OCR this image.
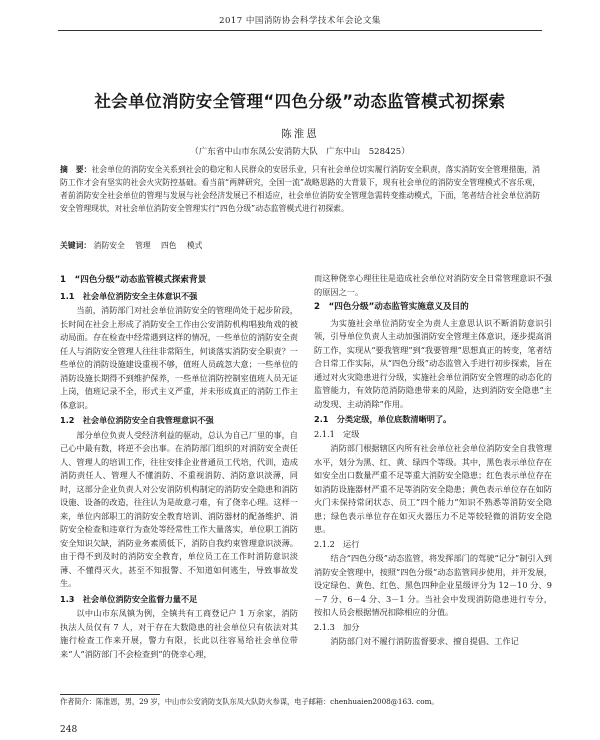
2017 中国消防协会科学技术年会论文集
社会单位消防安全管理“四色分级”动态监管模式初探索
陈淮恩
（广东省中山市东凤公安消防大队　广东中山　528425）
摘　要：社会单位的消防安全关系到社会的稳定和人民群众的安居乐业，只有社会单位切实履行消防安全职责，落实消防安全管理措施，消防工作才会有坚实的社会火灾防控基础。看当前“两牌研究，全国一流”战略思路的大背景下，现有社会单位的消防安全管理模式不容乐观，者前消防安全社会单位的管理与发展与社会经济发展已不相适应，社会单位消防安全管理急需转变推动模式，下面，笔者结合社会单位消防安全管理现状，对社会单位消防安全管理实行“四色分级”动态监管模式进行初探索。
关键词： 消防安全　 管理　 四色　 模式
1　“四色分级”动态监管模式探索背景
1.1　社会单位消防安全主体意识不强

当前，消防部门对社会单位消防安全的管理尚处于起步阶段，长时间在社会上形成了消防安全工作由公安消防机构唱独角戏的被动局面。存在检查中经常遇到这样的情况，一些单位的消防安全责任人与消防安全管理人往往非常陌生，何谈落实消防安全职责？一些单位的消防设施建设重视不够，值班人员疏忽大意；一些单位的消防设施长期得不到维护保养，一些单位消防控制室值班人员无证上岗，值班记录不全，形式主义严重，并未形成真正的消防工作主体意识。

1.2　社会单位消防安全自我管理意识不强

部分单位负责人受经济利益的驱动，总认为自己厂里的事，自己心中最有数，将逆不会出事。在消防部门组织的对消防安全责任人、管理人的培训工作，往往安排企业普通员工代培，代训，造成消防责任人、管理人不懂消防、不重视消防、消防意识淡薄，同时，这部分企业负责人对公安消防机构制定的消防安全隐患和消防设施、设备的改造，往往认为是故意刁难，有了侥幸心理。这样一来，单位内部职工的消防安全教育培训、消防器材的配备维护、消防安全检查和违章行为查处等经常性工作大量落实，单位职工消防安全知识欠缺，消防业务素质低下，消防自我约束管理意识淡薄。由于得不到及时的消防安全教育，单位员工在工作时消防意识淡薄、不懂得灭火，甚至不知报警、不知道如何逃生，导致事故发生。

1.3　社会单位消防安全监督力量不足

以中山市东凤镇为例，全镇共有工商登记户 1 万余家，消防执法人员仅有 7 人，对于存在大数隐患的社会单位只有依法对其施行检查工作来开展，警力有限，长此以往容易给社会单位带来“人”消防部门不会检查到”的侥幸心理，

而这种侥幸心理往往是造成社会单位对消防安全日常管理意识不强的原因之一。

2　“四色分级”动态监管实施意义及目的

为实施社会单位消防安全为责人主意思认识不断消防意识引领，引导单位负责人主动加强消防安全管理主体意识，逐步提高消防工作，实现从“要我管理”到“我要管理”思想真正的转变，笔者结合日常工作实际，从“四色分级”动态监管入手进行初步探索，旨在通过对火灾隐患进行分级，实施社会单位消防安全管理的动态化的监管能力，有效防范消防隐患带来的风险，达到消防安全隐患“主动发现、主动消除”作用。

2.1　分类定级，单位底数清晰明了。
2.1.1　定级

消防部门根据辖区内所有社会单位社会单位消防安全自我管理水平，划分为黑、红、黄、绿四个等级。其中，黑色表示单位存在如安全出口数量严重不足等重大消防安全隐患；红色表示单位存在如消防设施器材严重不足等消防安全隐患；黄色表示单位存在如防火门未保持常闭状态、员工“四个能力”知识不熟悉等消防安全隐患；绿色表示单位存在如灭火器压力不足等较轻微的消防安全隐患。

2.1.2　运行

结合“四色分级”动态监管，将发挥部门的驾驶“记分”制引入到消防安全管理中，按照“四色分级”动态监管同步使用，并开发展，设定绿色、黄色、红色、黑色四种企业星级评分为 12－10 分、9－7 分、6－4 分、3－1 分。当社会中发现消防隐患进行专分，按扣人员会根据情况扣除相应的分值。

2.1.3　加分

消防部门对不履行消防监督要求、擅自提倡、工作记

作者简介：陈淮恩，男，29 岁，中山市公安消防支队东凤大队防火参谋，电子邮箱：chenhuaien2008@163. com。
248
